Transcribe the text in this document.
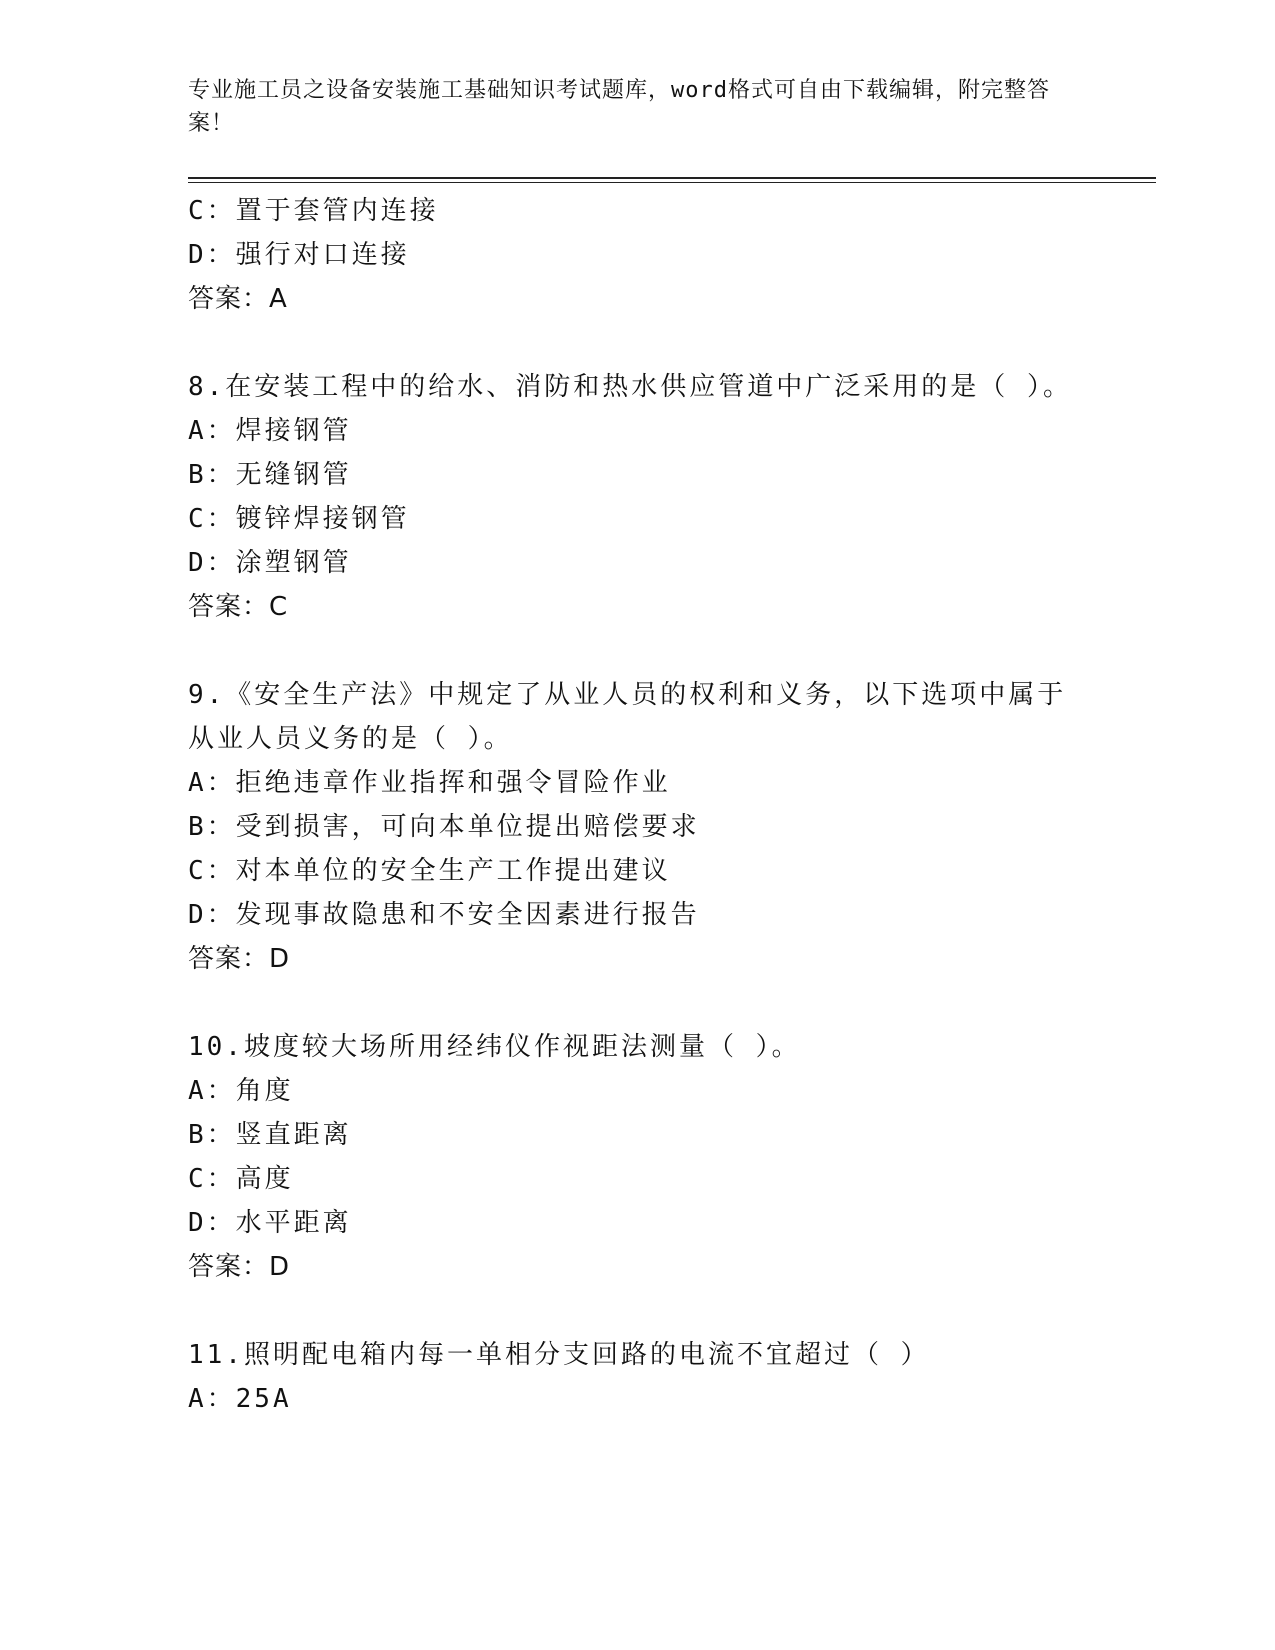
专业施工员之设备安装施工基础知识考试题库，word格式可自由下载编辑，附完整答案！
C：置于套管内连接
D：强行对口连接
答案：A
8.在安装工程中的给水、消防和热水供应管道中广泛采用的是（ ）。
A：焊接钢管
B：无缝钢管
C：镀锌焊接钢管
D：涂塑钢管
答案：C
9.《安全生产法》中规定了从业人员的权利和义务，以下选项中属于
从业人员义务的是（ ）。
A：拒绝违章作业指挥和强令冒险作业
B：受到损害，可向本单位提出赔偿要求
C：对本单位的安全生产工作提出建议
D：发现事故隐患和不安全因素进行报告
答案：D
10.坡度较大场所用经纬仪作视距法测量（ ）。
A：角度
B：竖直距离
C：高度
D：水平距离
答案：D
11.照明配电箱内每一单相分支回路的电流不宜超过（ ）
A：25A
